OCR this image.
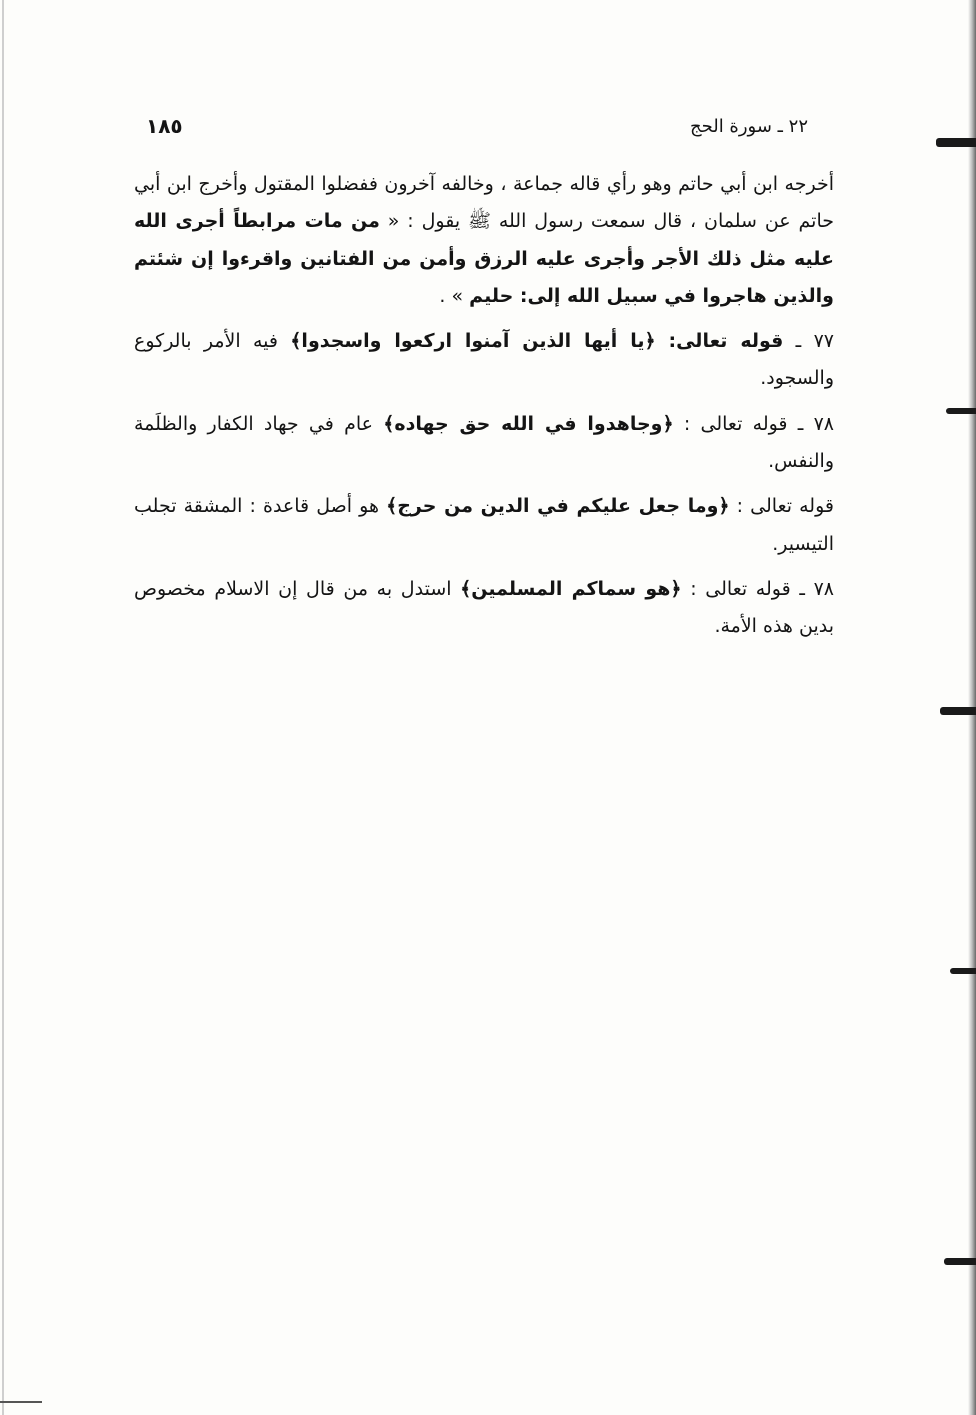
١٨٥	٢٢ ـ سورة الحج

أخرجه ابن أبي حاتم وهو رأي قاله جماعة ، وخالفه آخرون ففضلوا المقتول وأخرج ابن أبي حاتم عن سلمان ، قال سمعت رسول الله ﷺ يقول : « من مات مرابطاً أجرى الله عليه مثل ذلك الأجر وأجرى عليه الرزق وأمن من الفتانين واقرءوا إن شئتم والذين هاجروا في سبيل الله إلى: حليم » .

٧٧ ـ قوله تعالى: ﴿يا أيها الذين آمنوا اركعوا واسجدوا﴾ فيه الأمر بالركوع والسجود.

٧٨ ـ قوله تعالى : ﴿وجاهدوا في الله حق جهاده﴾ عام في جهاد الكفار والظلَمة والنفس.

قوله تعالى : ﴿وما جعل عليكم في الدين من حرج﴾ هو أصل قاعدة : المشقة تجلب التيسير.

٧٨ ـ قوله تعالى : ﴿هو سماكم المسلمين﴾ استدل به من قال إن الاسلام مخصوص بدين هذه الأمة.
